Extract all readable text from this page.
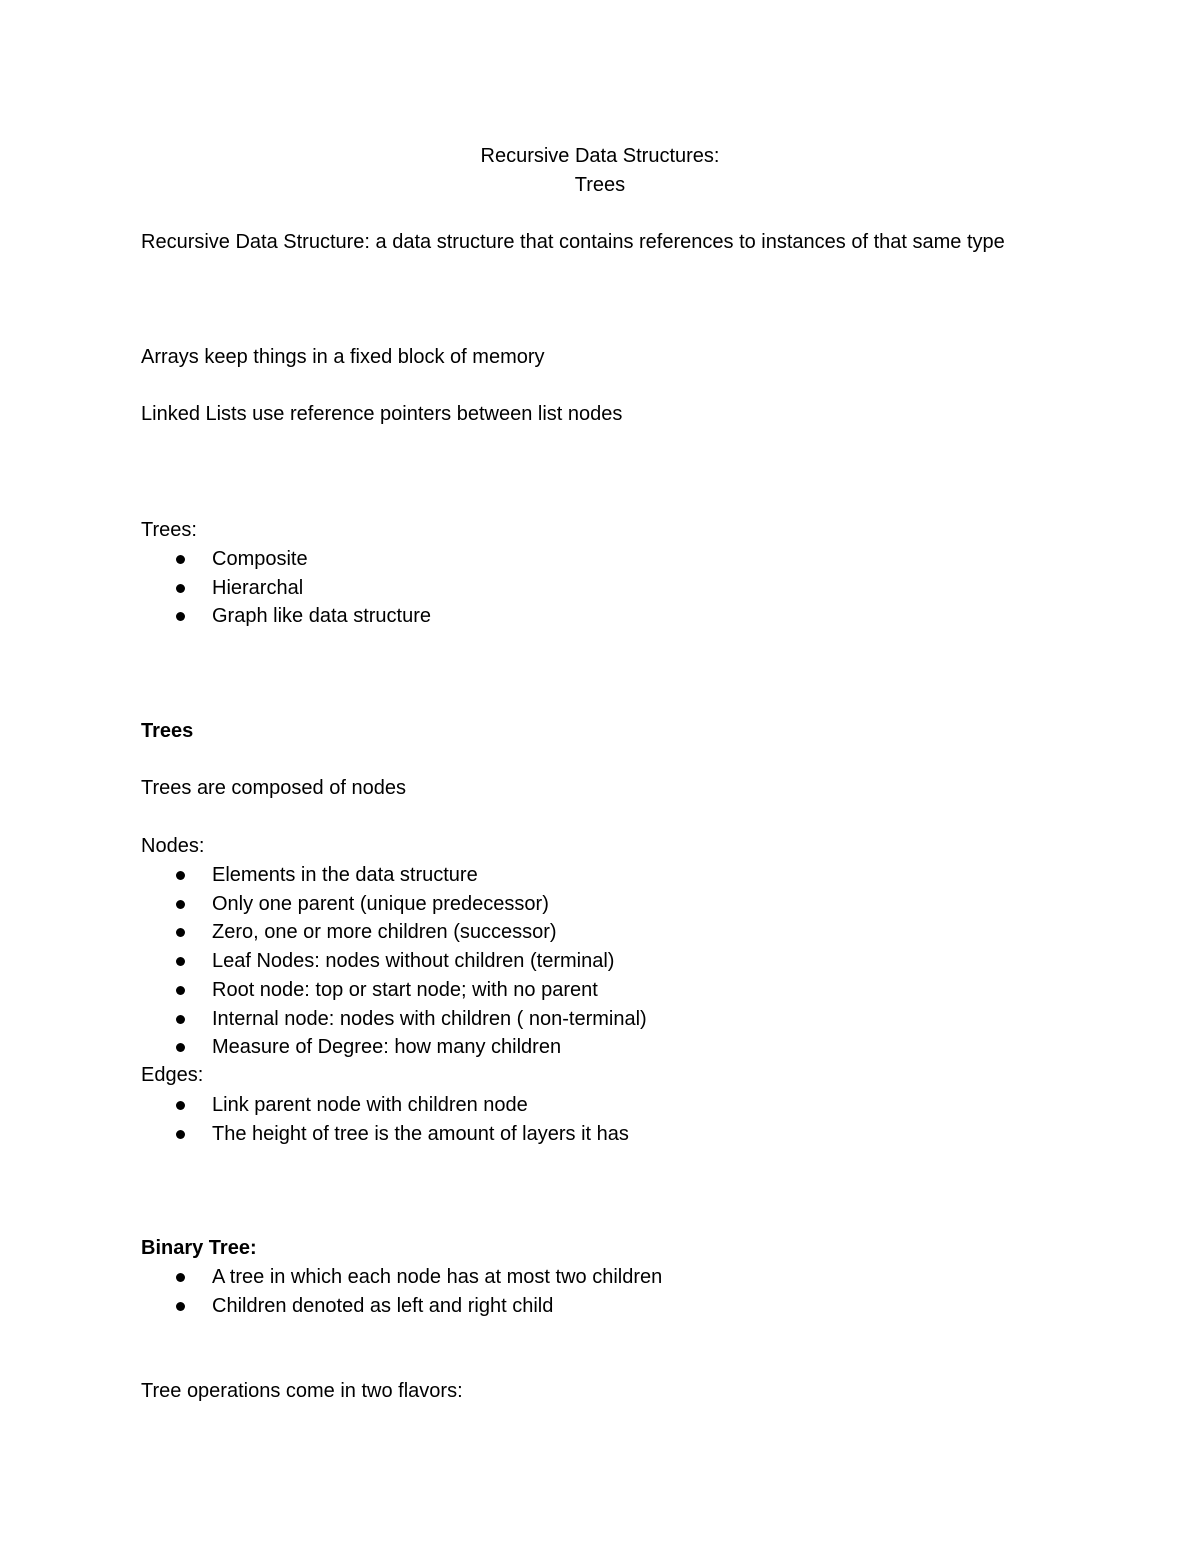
Recursive Data Structures:
Trees
Recursive Data Structure: a data structure that contains references to instances of that same type
Arrays keep things in a fixed block of memory
Linked Lists use reference pointers between list nodes
Trees:
Composite
Hierarchal
Graph like data structure
Trees
Trees are composed of nodes
Nodes:
Elements in the data structure
Only one parent (unique predecessor)
Zero, one or more children (successor)
Leaf Nodes: nodes without children (terminal)
Root node: top or start node; with no parent
Internal node: nodes with children ( non-terminal)
Measure of Degree: how many children
Edges:
Link parent node with children node
The height of tree is the amount of layers it has
Binary Tree:
A tree in which each node has at most two children
Children denoted as left and right child
Tree operations come in two flavors:
